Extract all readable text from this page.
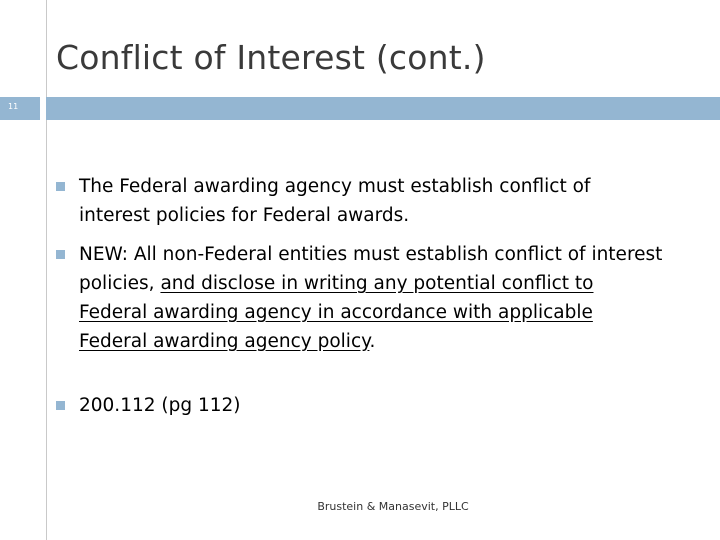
Conflict of Interest (cont.)
11
The Federal awarding agency must establish conflict of interest policies for Federal awards.
NEW: All non-Federal entities must establish conflict of interest policies, and disclose in writing any potential conflict to Federal awarding agency in accordance with applicable Federal awarding agency policy.
200.112 (pg 112)
Brustein & Manasevit, PLLC
